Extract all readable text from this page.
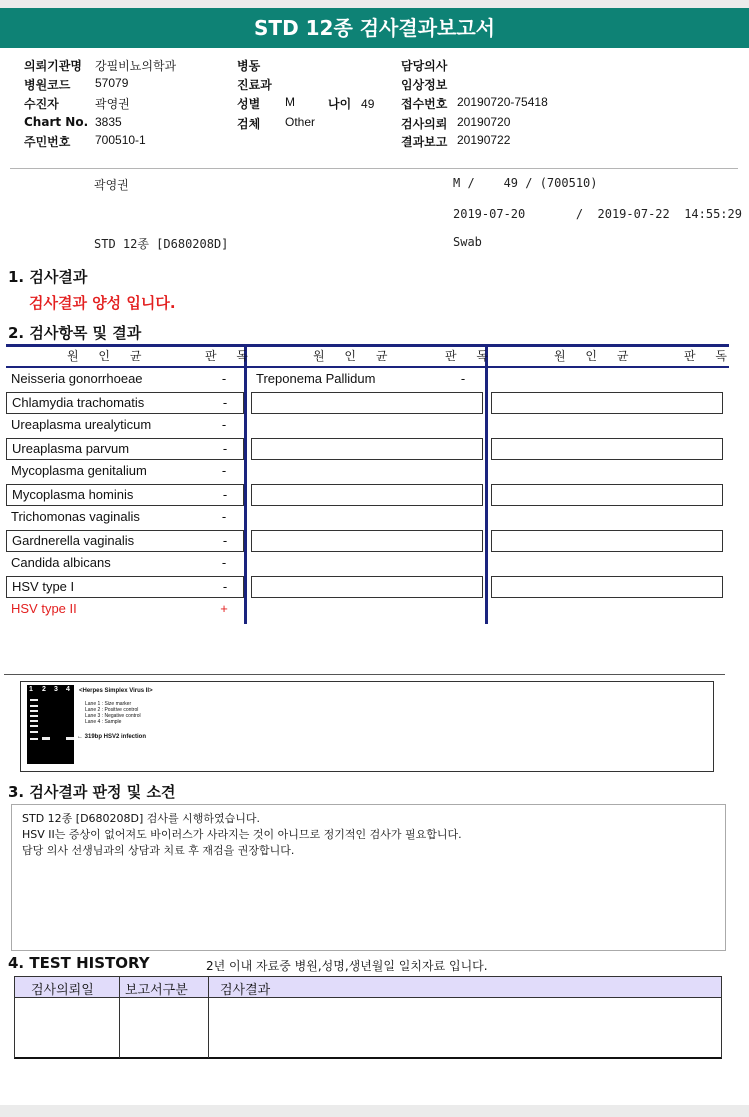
STD 12종 검사결과보고서
의뢰기관명 강필비뇨의학과
병원코드 57079
수진자	곽영권
Chart No. 3835
주민번호 700510-1
병동
진료과
성별 M
검체 Other
담당의사
임상정보
접수번호 20190720-75418
검사의뢰 20190720
결과보고 20190722
나이 49
곽영권	M /    49 / (700510)
2019-07-20       /  2019-07-22  14:55:29
STD 12종 [D680208D]	Swab
1. 검사결과
검사결과 양성 입니다.
2. 검사항목 및 결과
원 인 균	판 독	원 인 균	판 독	원 인 균	판 독
Neisseria gonorrhoeae	-	Treponema Pallidum	-
Chlamydia trachomatis	-
Ureaplasma urealyticum	-
Ureaplasma parvum	-
Mycoplasma genitalium	-
Mycoplasma hominis	-
Trichomonas vaginalis	-
Gardnerella vaginalis	-
Candida albicans	-
HSV type I	-
HSV type II	+
1 2 3 4 <Herpes Simplex Virus II>
Lane 1 : Size marker
Lane 2 : Positive control
Lane 3 : Negative control
Lane 4 : Sample
← 319bp HSV2 infection
3. 검사결과 판정 및 소견
STD 12종 [D680208D] 검사를 시행하였습니다.
HSV II는 증상이 없어져도 바이러스가 사라지는 것이 아니므로 정기적인 검사가 필요합니다.
담당 의사 선생님과의 상담과 치료 후 재검을 권장합니다.
4. TEST HISTORY	2년 이내 자료중 병원,성명,생년월일 일치자료 입니다.
검사의뢰일 보고서구분 검사결과
